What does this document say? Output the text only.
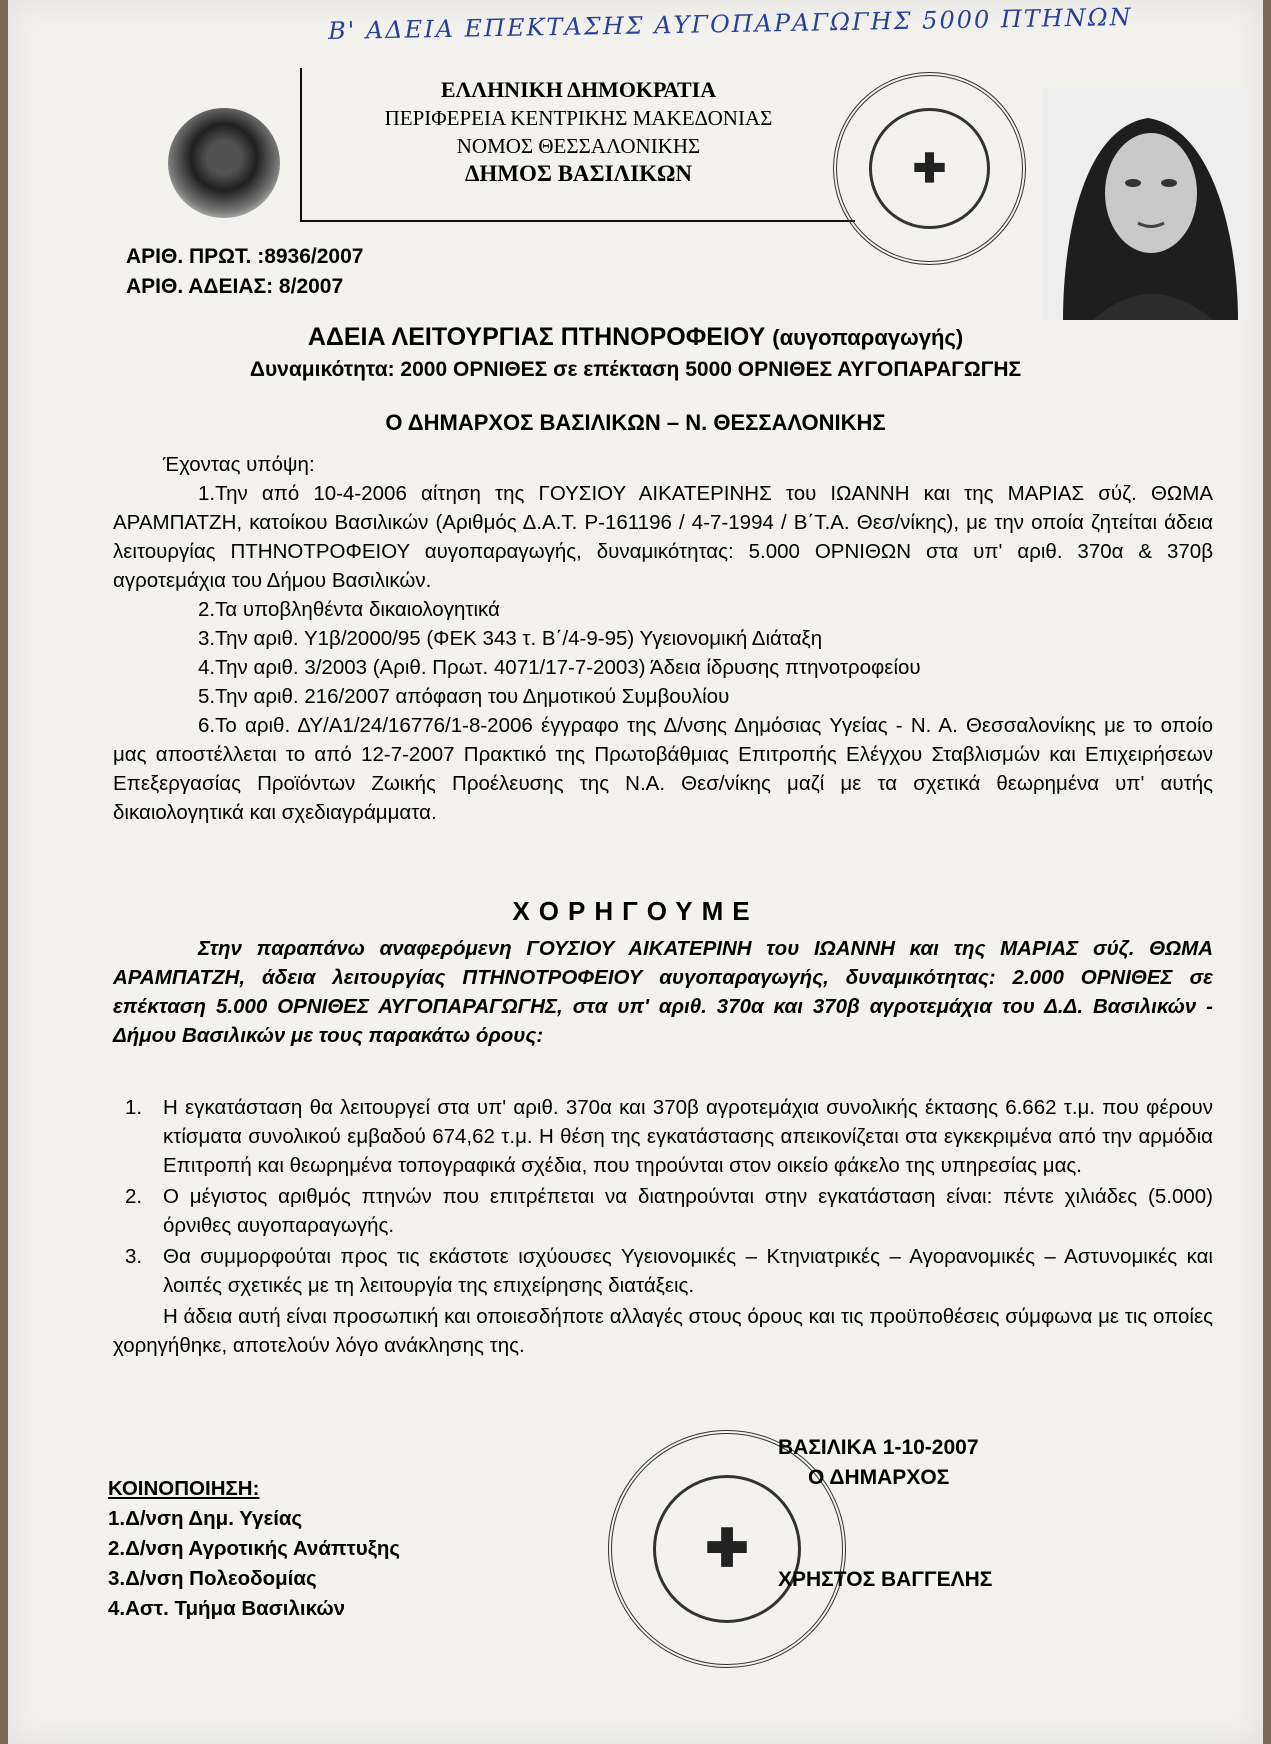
Β' ΑΔΕΙΑ ΕΠΕΚΤΑΣΗΣ ΑΥΓΟΠΑΡΑΓΩΓΗΣ 5000 ΠΤΗΝΩΝ
ΕΛΛΗΝΙΚΗ ΔΗΜΟΚΡΑΤΙΑ
ΠΕΡΙΦΕΡΕΙΑ ΚΕΝΤΡΙΚΗΣ ΜΑΚΕΔΟΝΙΑΣ
ΝΟΜΟΣ ΘΕΣΣΑΛΟΝΙΚΗΣ
ΔΗΜΟΣ ΒΑΣΙΛΙΚΩΝ	✚
ΑΡΙΘ. ΠΡΩΤ. :8936/2007
ΑΡΙΘ. ΑΔΕΙΑΣ: 8/2007
ΑΔΕΙΑ ΛΕΙΤΟΥΡΓΙΑΣ ΠΤΗΝΟΡΟΦΕΙΟΥ (αυγοπαραγωγής)
Δυναμικότητα: 2000 ΟΡΝΙΘΕΣ σε επέκταση 5000 ΟΡΝΙΘΕΣ ΑΥΓΟΠΑΡΑΓΩΓΗΣ
Ο ΔΗΜΑΡΧΟΣ ΒΑΣΙΛΙΚΩΝ – Ν. ΘΕΣΣΑΛΟΝΙΚΗΣ

Έχοντας υπόψη:

1.Την από 10-4-2006 αίτηση της ΓΟΥΣΙΟΥ ΑΙΚΑΤΕΡΙΝΗΣ του ΙΩΑΝΝΗ και της ΜΑΡΙΑΣ σύζ. ΘΩΜΑ ΑΡΑΜΠΑΤΖΗ, κατοίκου Βασιλικών (Αριθμός Δ.Α.Τ. Ρ-161196 / 4-7-1994 / Β΄Τ.Α. Θεσ/νίκης), με την οποία ζητείται άδεια λειτουργίας ΠΤΗΝΟΤΡΟΦΕΙΟΥ αυγοπαραγωγής, δυναμικότητας: 5.000 ΟΡΝΙΘΩΝ στα υπ' αριθ. 370α & 370β αγροτεμάχια του Δήμου Βασιλικών.

2.Τα υποβληθέντα δικαιολογητικά

3.Την αριθ. Υ1β/2000/95 (ΦΕΚ 343 τ. Β΄/4-9-95) Υγειονομική Διάταξη

4.Την αριθ. 3/2003 (Αριθ. Πρωτ. 4071/17-7-2003) Άδεια ίδρυσης πτηνοτροφείου

5.Την αριθ. 216/2007 απόφαση του Δημοτικού Συμβουλίου

6.Το αριθ. ΔΥ/Α1/24/16776/1-8-2006 έγγραφο της Δ/νσης Δημόσιας Υγείας - Ν. Α. Θεσσαλονίκης με το οποίο μας αποστέλλεται το από 12-7-2007 Πρακτικό της Πρωτοβάθμιας Επιτροπής Ελέγχου Σταβλισμών και Επιχειρήσεων Επεξεργασίας Προϊόντων Ζωικής Προέλευσης της Ν.Α. Θεσ/νίκης μαζί με τα σχετικά θεωρημένα υπ' αυτής δικαιολογητικά και σχεδιαγράμματα.

ΧΟΡΗΓΟΥΜΕ

Στην παραπάνω αναφερόμενη ΓΟΥΣΙΟΥ ΑΙΚΑΤΕΡΙΝΗ του ΙΩΑΝΝΗ και της ΜΑΡΙΑΣ σύζ. ΘΩΜΑ ΑΡΑΜΠΑΤΖΗ, άδεια λειτουργίας ΠΤΗΝΟΤΡΟΦΕΙΟΥ αυγοπαραγωγής, δυναμικότητας: 2.000 ΟΡΝΙΘΕΣ σε επέκταση 5.000 ΟΡΝΙΘΕΣ ΑΥΓΟΠΑΡΑΓΩΓΗΣ, στα υπ' αριθ. 370α και 370β αγροτεμάχια του Δ.Δ. Βασιλικών - Δήμου Βασιλικών με τους παρακάτω όρους:

1. Η εγκατάσταση θα λειτουργεί στα υπ' αριθ. 370α και 370β αγροτεμάχια συνολικής έκτασης 6.662 τ.μ. που φέρουν κτίσματα συνολικού εμβαδού 674,62 τ.μ. Η θέση της εγκατάστασης απεικονίζεται στα εγκεκριμένα από την αρμόδια Επιτροπή και θεωρημένα τοπογραφικά σχέδια, που τηρούνται στον οικείο φάκελο της υπηρεσίας μας.
2. Ο μέγιστος αριθμός πτηνών που επιτρέπεται να διατηρούνται στην εγκατάσταση είναι: πέντε χιλιάδες (5.000) όρνιθες αυγοπαραγωγής.
3. Θα συμμορφούται προς τις εκάστοτε ισχύουσες Υγειονομικές – Κτηνιατρικές – Αγορανομικές – Αστυνομικές και λοιπές σχετικές με τη λειτουργία της επιχείρησης διατάξεις.

Η άδεια αυτή είναι προσωπική και οποιεσδήποτε αλλαγές στους όρους και τις προϋποθέσεις σύμφωνα με τις οποίες χορηγήθηκε, αποτελούν λόγο ανάκλησης της.

✚
ΒΑΣΙΛΙΚΑ 1-10-2007
Ο ΔΗΜΑΡΧΟΣ
ΧΡΗΣΤΟΣ ΒΑΓΓΕΛΗΣ
ΚΟΙΝΟΠΟΙΗΣΗ:
1.Δ/νση Δημ. Υγείας
2.Δ/νση Αγροτικής Ανάπτυξης
3.Δ/νση Πολεοδομίας
4.Αστ. Τμήμα Βασιλικών
